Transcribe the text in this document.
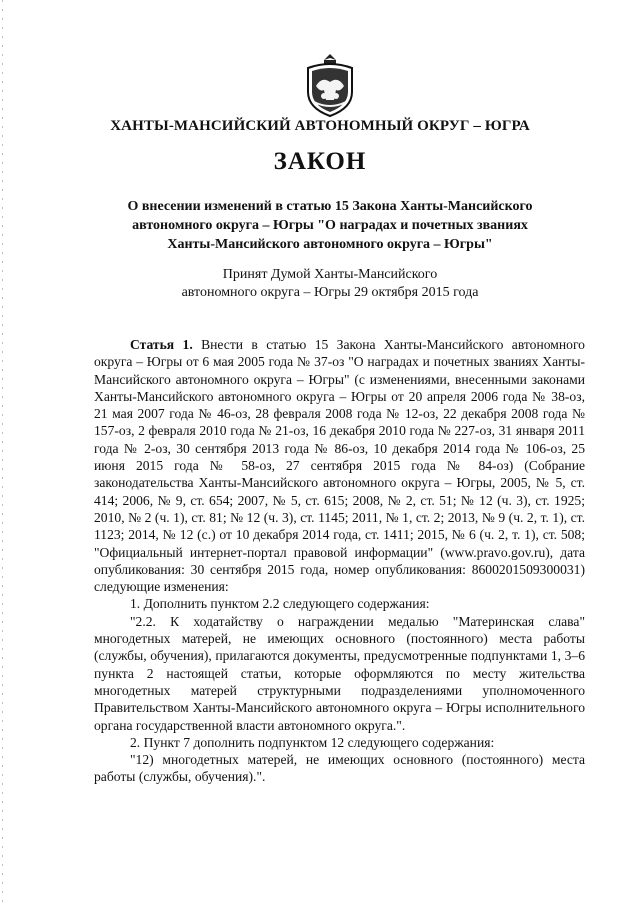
ХАНТЫ-МАНСИЙСКИЙ АВТОНОМНЫЙ ОКРУГ – ЮГРА
ЗАКОН
О внесении изменений в статью 15 Закона Ханты-Мансийского
автономного округа – Югры "О наградах и почетных званиях
Ханты-Мансийского автономного округа – Югры"
Принят Думой Ханты-Мансийского
автономного округа – Югры 29 октября 2015 года

Статья 1. Внести в статью 15 Закона Ханты-Мансийского автономного округа – Югры от 6 мая 2005 года № 37-оз "О наградах и почетных званиях Ханты-Мансийского автономного округа – Югры" (с изменениями, внесенными законами Ханты-Мансийского автономного округа – Югры от 20 апреля 2006 года № 38-оз, 21 мая 2007 года № 46-оз, 28 февраля 2008 года № 12-оз, 22 декабря 2008 года № 157-оз, 2 февраля 2010 года № 21-оз, 16 декабря 2010 года № 227-оз, 31 января 2011 года № 2-оз, 30 сентября 2013 года № 86-оз, 10 декабря 2014 года № 106-оз, 25 июня 2015 года № 58-оз, 27 сентября 2015 года № 84-оз) (Собрание законодательства Ханты-Мансийского автономного округа – Югры, 2005, № 5, ст. 414; 2006, № 9, ст. 654; 2007, № 5, ст. 615; 2008, № 2, ст. 51; № 12 (ч. 3), ст. 1925; 2010, № 2 (ч. 1), ст. 81; № 12 (ч. 3), ст. 1145; 2011, № 1, ст. 2; 2013, № 9 (ч. 2, т. 1), ст. 1123; 2014, № 12 (с.) от 10 декабря 2014 года, ст. 1411; 2015, № 6 (ч. 2, т. 1), ст. 508; "Официальный интернет-портал правовой информации" (www.pravo.gov.ru), дата опубликования: 30 сентября 2015 года, номер опубликования: 8600201509300031) следующие изменения:

1. Дополнить пунктом 2.2 следующего содержания:

"2.2. К ходатайству о награждении медалью "Материнская слава" многодетных матерей, не имеющих основного (постоянного) места работы (службы, обучения), прилагаются документы, предусмотренные подпунктами 1, 3–6 пункта 2 настоящей статьи, которые оформляются по месту жительства многодетных матерей структурными подразделениями уполномоченного Правительством Ханты-Мансийского автономного округа – Югры исполнительного органа государственной власти автономного округа.".

2. Пункт 7 дополнить подпунктом 12 следующего содержания:

"12) многодетных матерей, не имеющих основного (постоянного) места работы (службы, обучения).".
